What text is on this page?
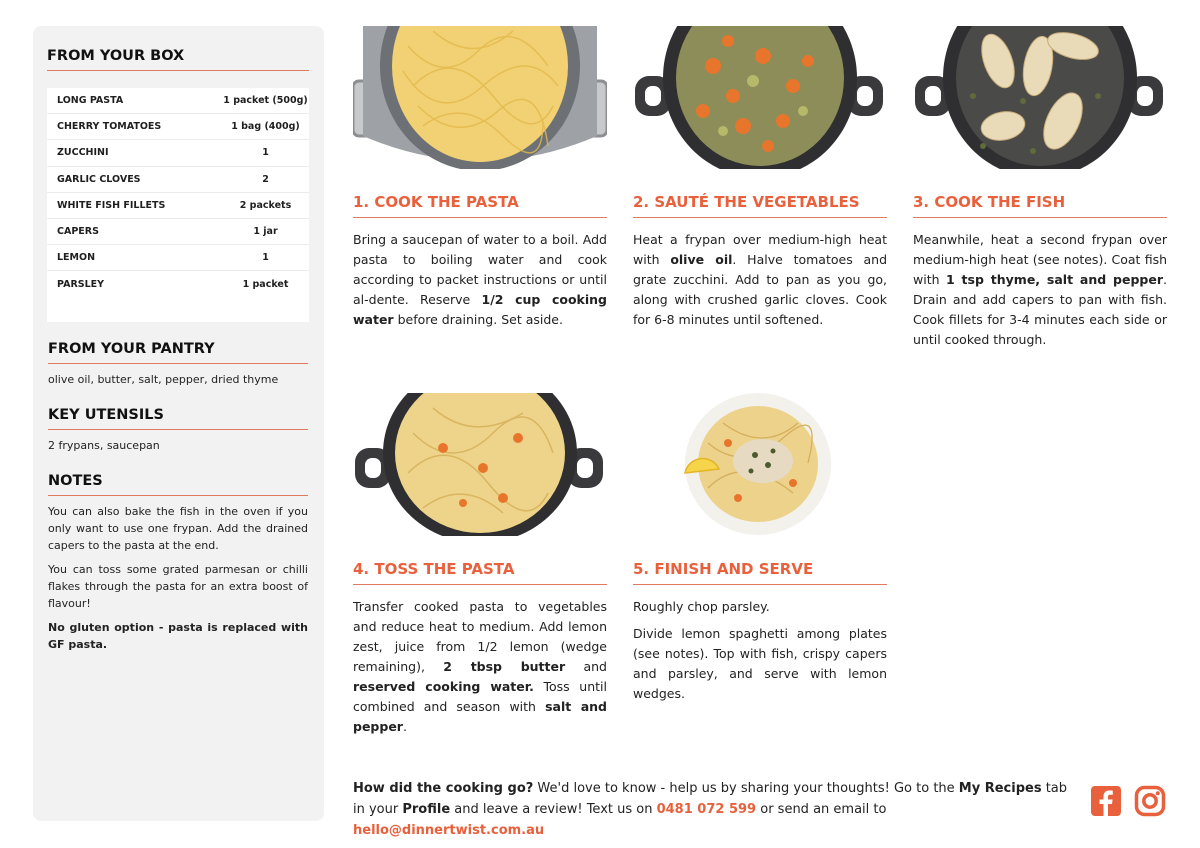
FROM YOUR BOX
LONG PASTA	1 packet (500g)
CHERRY TOMATOES	1 bag (400g)
ZUCCHINI	1
GARLIC CLOVES	2
WHITE FISH FILLETS	2 packets
CAPERS	1 jar
LEMON	1
PARSLEY	1 packet
FROM YOUR PANTRY
olive oil, butter, salt, pepper, dried thyme
KEY UTENSILS
2 frypans, saucepan
NOTES

You can also bake the fish in the oven if you only want to use one frypan. Add the drained capers to the pasta at the end.

You can toss some grated parmesan or chilli flakes through the pasta for an extra boost of flavour!

No gluten option - pasta is replaced with GF pasta.

1. COOK THE PASTA
Bring a saucepan of water to a boil. Add pasta to boiling water and cook according to packet instructions or until al-dente. Reserve 1/2 cup cooking water before draining. Set aside.
2. SAUTÉ THE VEGETABLES
Heat a frypan over medium-high heat with olive oil. Halve tomatoes and grate zucchini. Add to pan as you go, along with crushed garlic cloves. Cook for 6-8 minutes until softened.
3. COOK THE FISH
Meanwhile, heat a second frypan over medium-high heat (see notes). Coat fish with 1 tsp thyme, salt and pepper. Drain and add capers to pan with fish. Cook fillets for 3-4 minutes each side or until cooked through.
4. TOSS THE PASTA
Transfer cooked pasta to vegetables and reduce heat to medium. Add lemon zest, juice from 1/2 lemon (wedge remaining), 2 tbsp butter and reserved cooking water. Toss until combined and season with salt and pepper.
5. FINISH AND SERVE

Roughly chop parsley.

Divide lemon spaghetti among plates (see notes). Top with fish, crispy capers and parsley, and serve with lemon wedges.

How did the cooking go? We'd love to know - help us by sharing your thoughts! Go to the My Recipes tab in your Profile and leave a review! Text us on 0481 072 599 or send an email to hello@dinnertwist.com.au
